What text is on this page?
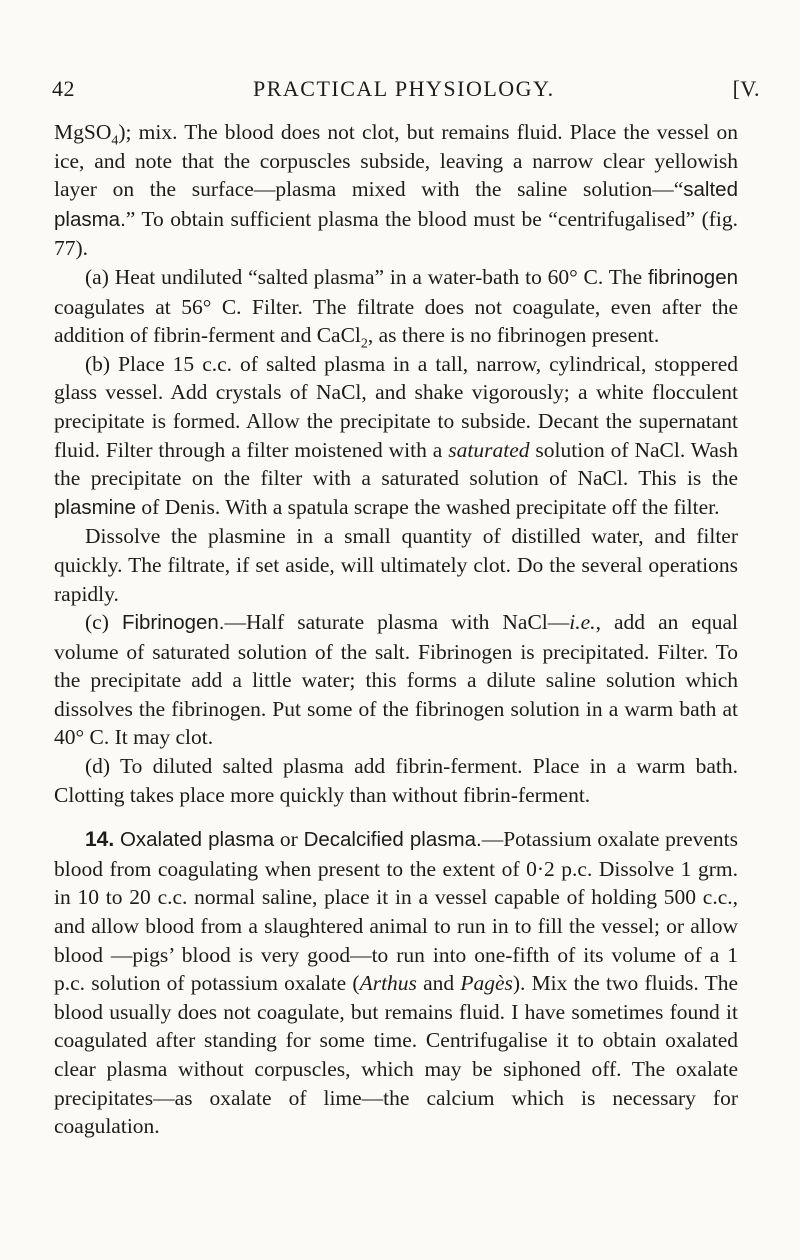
42	PRACTICAL PHYSIOLOGY.	[V.

MgSO$_4$); mix. The blood does not clot, but remains fluid. Place the vessel on ice, and note that the corpuscles subside, leaving a narrow clear yellowish layer on the surface—plasma mixed with the saline solution—“salted plasma.” To obtain sufficient plasma the blood must be “centrifugalised” (fig. 77).

(a) Heat undiluted “salted plasma” in a water-bath to 60° C. The fibrinogen coagulates at 56° C. Filter. The filtrate does not coagulate, even after the addition of fibrin-ferment and CaCl$_2$, as there is no fibrinogen present.

(b) Place 15 c.c. of salted plasma in a tall, narrow, cylindrical, stoppered glass vessel. Add crystals of NaCl, and shake vigorously; a white flocculent precipitate is formed. Allow the precipitate to subside. Decant the supernatant fluid. Filter through a filter moistened with a saturated solution of NaCl. Wash the precipitate on the filter with a saturated solution of NaCl. This is the plasmine of Denis. With a spatula scrape the washed precipitate off the filter.

Dissolve the plasmine in a small quantity of distilled water, and filter quickly. The filtrate, if set aside, will ultimately clot. Do the several operations rapidly.

(c) Fibrinogen.—Half saturate plasma with NaCl—i.e., add an equal volume of saturated solution of the salt. Fibrinogen is precipitated. Filter. To the precipitate add a little water; this forms a dilute saline solution which dissolves the fibrinogen. Put some of the fibrinogen solution in a warm bath at 40° C. It may clot.

(d) To diluted salted plasma add fibrin-ferment. Place in a warm bath. Clotting takes place more quickly than without fibrin-ferment.

14. Oxalated plasma or Decalcified plasma.—Potassium oxalate prevents blood from coagulating when present to the extent of 0·2 p.c. Dissolve 1 grm. in 10 to 20 c.c. normal saline, place it in a vessel capable of holding 500 c.c., and allow blood from a slaughtered animal to run in to fill the vessel; or allow blood —pigs’ blood is very good—to run into one-fifth of its volume of a 1 p.c. solution of potassium oxalate (Arthus and Pagès). Mix the two fluids. The blood usually does not coagulate, but remains fluid. I have sometimes found it coagulated after standing for some time. Centrifugalise it to obtain oxalated clear plasma without corpuscles, which may be siphoned off. The oxalate precipitates—as oxalate of lime—the calcium which is necessary for coagulation.
